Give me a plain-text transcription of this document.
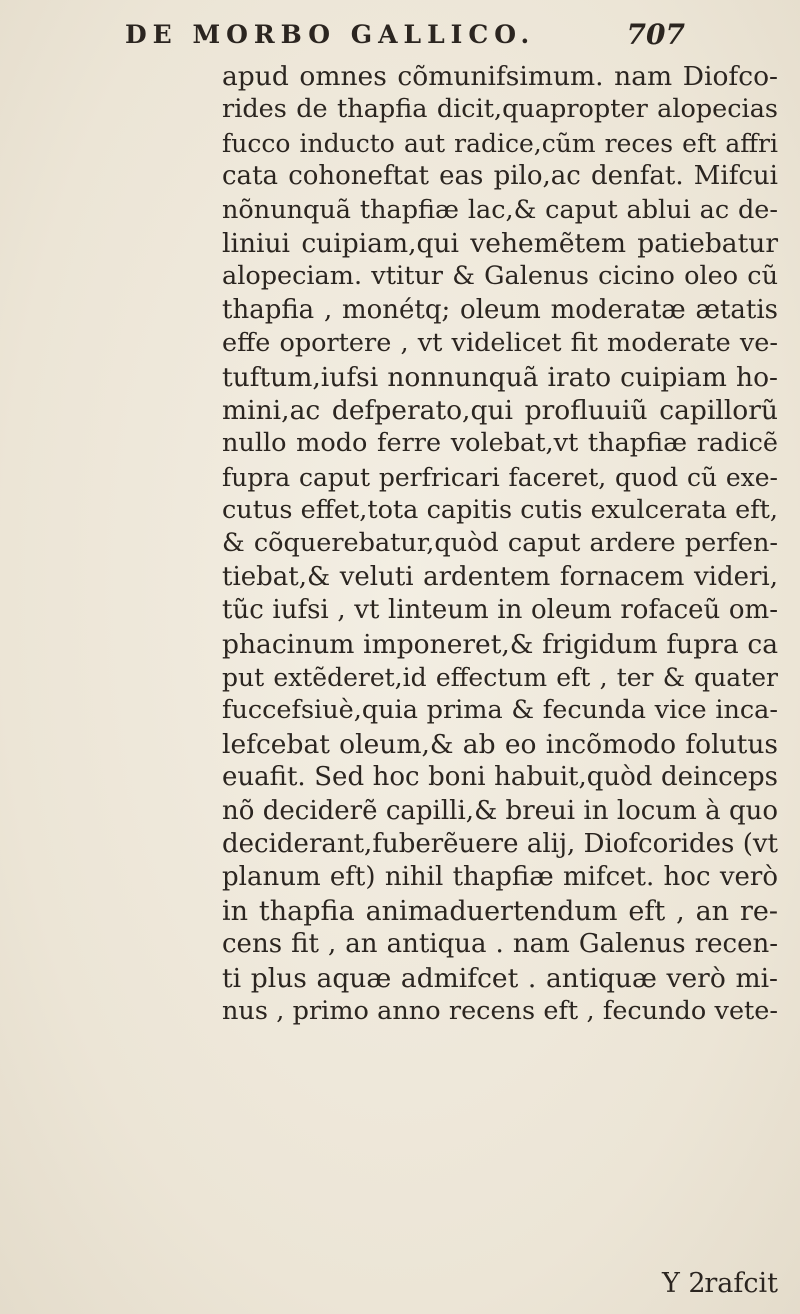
DE MORBO GALLICO.	707
apud omnes cõmunifsimum. nam Diofco-
rides de thapfia dicit,quapropter alopecias
fucco inducto aut radice,cũm reces eft affri
cata cohoneftat eas pilo,ac denfat. Mifcui
nõnunquã thapfiæ lac,& caput ablui ac de-
liniui cuipiam,qui vehemẽtem patiebatur
alopeciam. vtitur & Galenus cicino oleo cũ
thapfia , monétq; oleum moderatæ ætatis
effe oportere , vt videlicet fit moderate ve-
tuftum,iufsi nonnunquã irato cuipiam ho-
mini,ac defperato,qui profluuiũ capillorũ
nullo modo ferre volebat,vt thapfiæ radicẽ
fupra caput perfricari faceret, quod cũ exe-
cutus effet,tota capitis cutis exulcerata eft,
& cõquerebatur,quòd caput ardere perfen-
tiebat,& veluti ardentem fornacem videri,
tũc iufsi , vt linteum in oleum rofaceũ om-
phacinum imponeret,& frigidum fupra ca
put extẽderet,id effectum eft , ter & quater
fuccefsiuè,quia prima & fecunda vice inca-
lefcebat oleum,& ab eo incõmodo folutus
euafit. Sed hoc boni habuit,quòd deinceps
nõ deciderẽ capilli,& breui in locum à quo
deciderant,fuberẽuere alij, Diofcorides (vt
planum eft) nihil thapfiæ mifcet. hoc verò
in thapfia animaduertendum eft , an re-
cens fit , an antiqua . nam Galenus recen-
ti plus aquæ admifcet . antiquæ verò mi-
nus , primo anno recens eft , fecundo vete-
Y 2
rafcit
